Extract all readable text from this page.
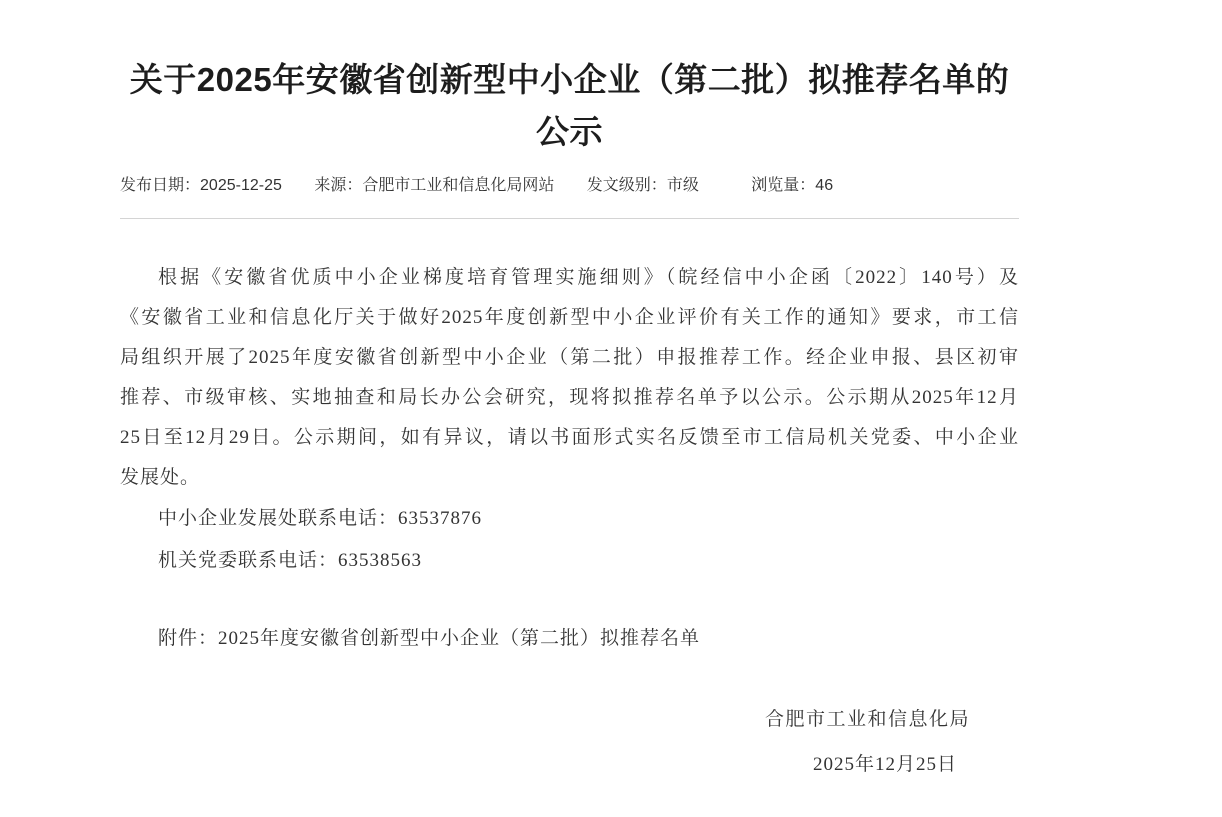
关于2025年安徽省创新型中小企业（第二批）拟推荐名单的
公示
发布日期：2025-12-25 来源：合肥市工业和信息化局网站 发文级别：市级	浏览量：46
根据《安徽省优质中小企业梯度培育管理实施细则》（皖经信中小企函〔2022〕140号）及
《安徽省工业和信息化厅关于做好2025年度创新型中小企业评价有关工作的通知》要求，市工信
局组织开展了2025年度安徽省创新型中小企业（第二批）申报推荐工作。经企业申报、县区初审
推荐、市级审核、实地抽查和局长办公会研究，现将拟推荐名单予以公示。公示期从2025年12月
25日至12月29日。公示期间，如有异议，请以书面形式实名反馈至市工信局机关党委、中小企业
发展处。
中小企业发展处联系电话：63537876
机关党委联系电话：63538563
附件：2025年度安徽省创新型中小企业（第二批）拟推荐名单
合肥市工业和信息化局
2025年12月25日
